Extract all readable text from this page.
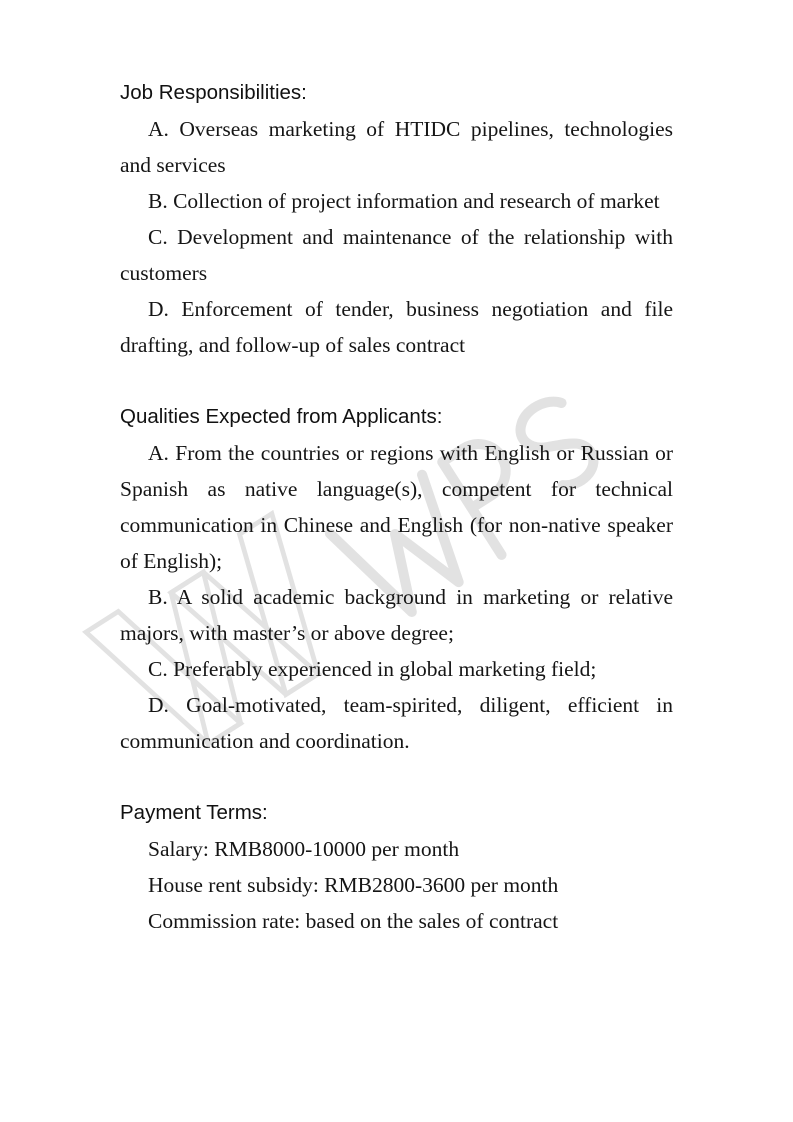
Job Responsibilities:

A. Overseas marketing of HTIDC pipelines, technologies and services

B. Collection of project information and research of market

C. Development and maintenance of the relationship with customers

D. Enforcement of tender, business negotiation and file drafting, and follow-up of sales contract

Qualities Expected from Applicants:

A. From the countries or regions with English or Russian or Spanish as native language(s), competent for technical communication in Chinese and English (for non-native speaker of English);

B. A solid academic background in marketing or relative majors, with master’s or above degree;

C. Preferably experienced in global marketing field;

D. Goal-motivated, team-spirited, diligent, efficient in communication and coordination.

Payment Terms:

Salary: RMB8000-10000 per month

House rent subsidy: RMB2800-3600 per month

Commission rate: based on the sales of contract
